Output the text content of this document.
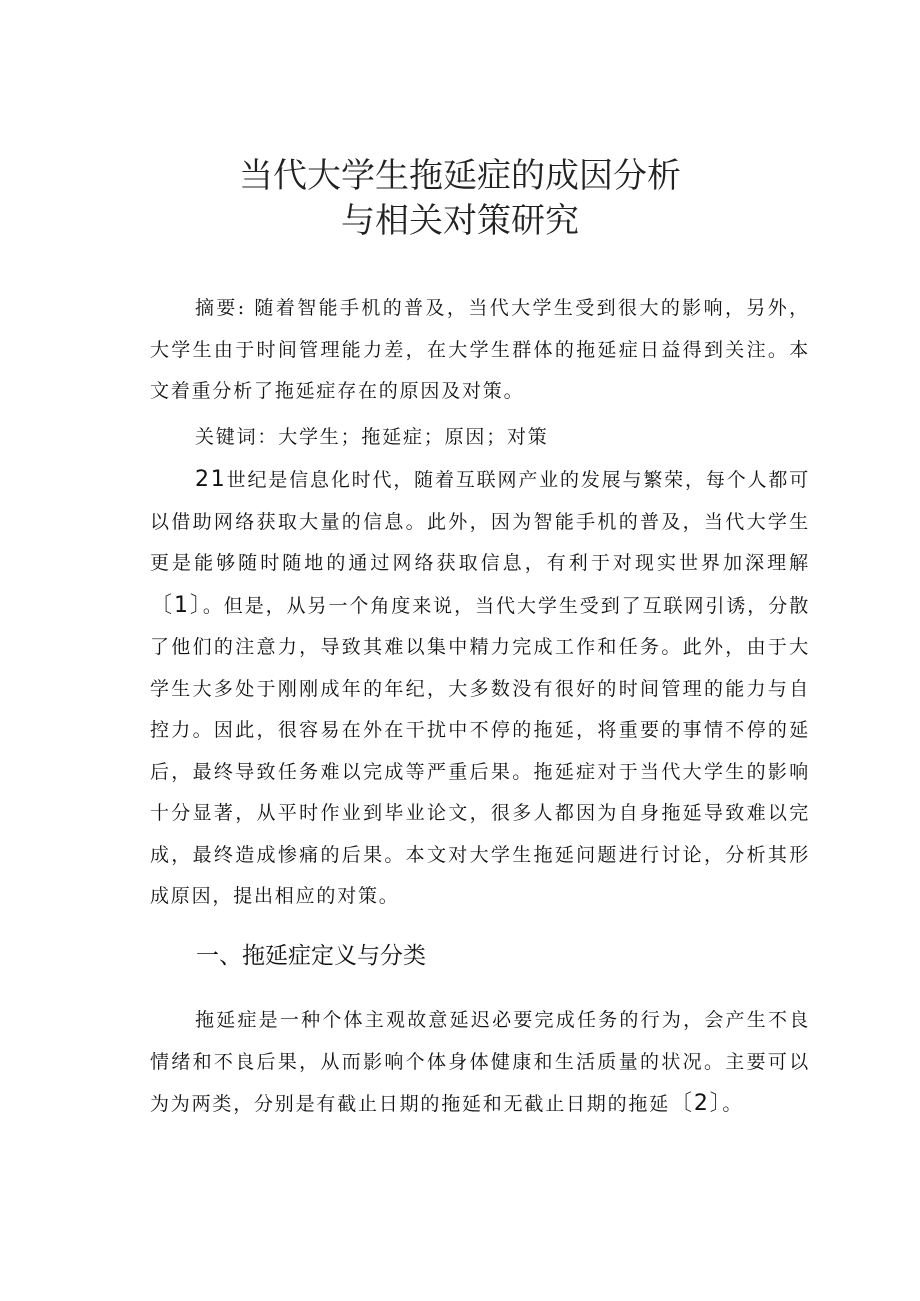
当代大学生拖延症的成因分析
与相关对策研究

摘要: 随着智能手机的普及，当代大学生受到很大的影响，另外，大学生由于时间管理能力差，在大学生群体的拖延症日益得到关注。本文着重分析了拖延症存在的原因及对策。

关键词：大学生；拖延症；原因；对策

21世纪是信息化时代，随着互联网产业的发展与繁荣，每个人都可以借助网络获取大量的信息。此外，因为智能手机的普及，当代大学生更是能够随时随地的通过网络获取信息，有利于对现实世界加深理解〔1〕。但是，从另一个角度来说，当代大学生受到了互联网引诱，分散了他们的注意力，导致其难以集中精力完成工作和任务。此外，由于大学生大多处于刚刚成年的年纪，大多数没有很好的时间管理的能力与自控力。因此，很容易在外在干扰中不停的拖延，将重要的事情不停的延后，最终导致任务难以完成等严重后果。拖延症对于当代大学生的影响十分显著，从平时作业到毕业论文，很多人都因为自身拖延导致难以完成，最终造成惨痛的后果。本文对大学生拖延问题进行讨论，分析其形成原因，提出相应的对策。

一、拖延症定义与分类

拖延症是一种个体主观故意延迟必要完成任务的行为，会产生不良情绪和不良后果，从而影响个体身体健康和生活质量的状况。主要可以为为两类，分别是有截止日期的拖延和无截止日期的拖延〔2〕。
